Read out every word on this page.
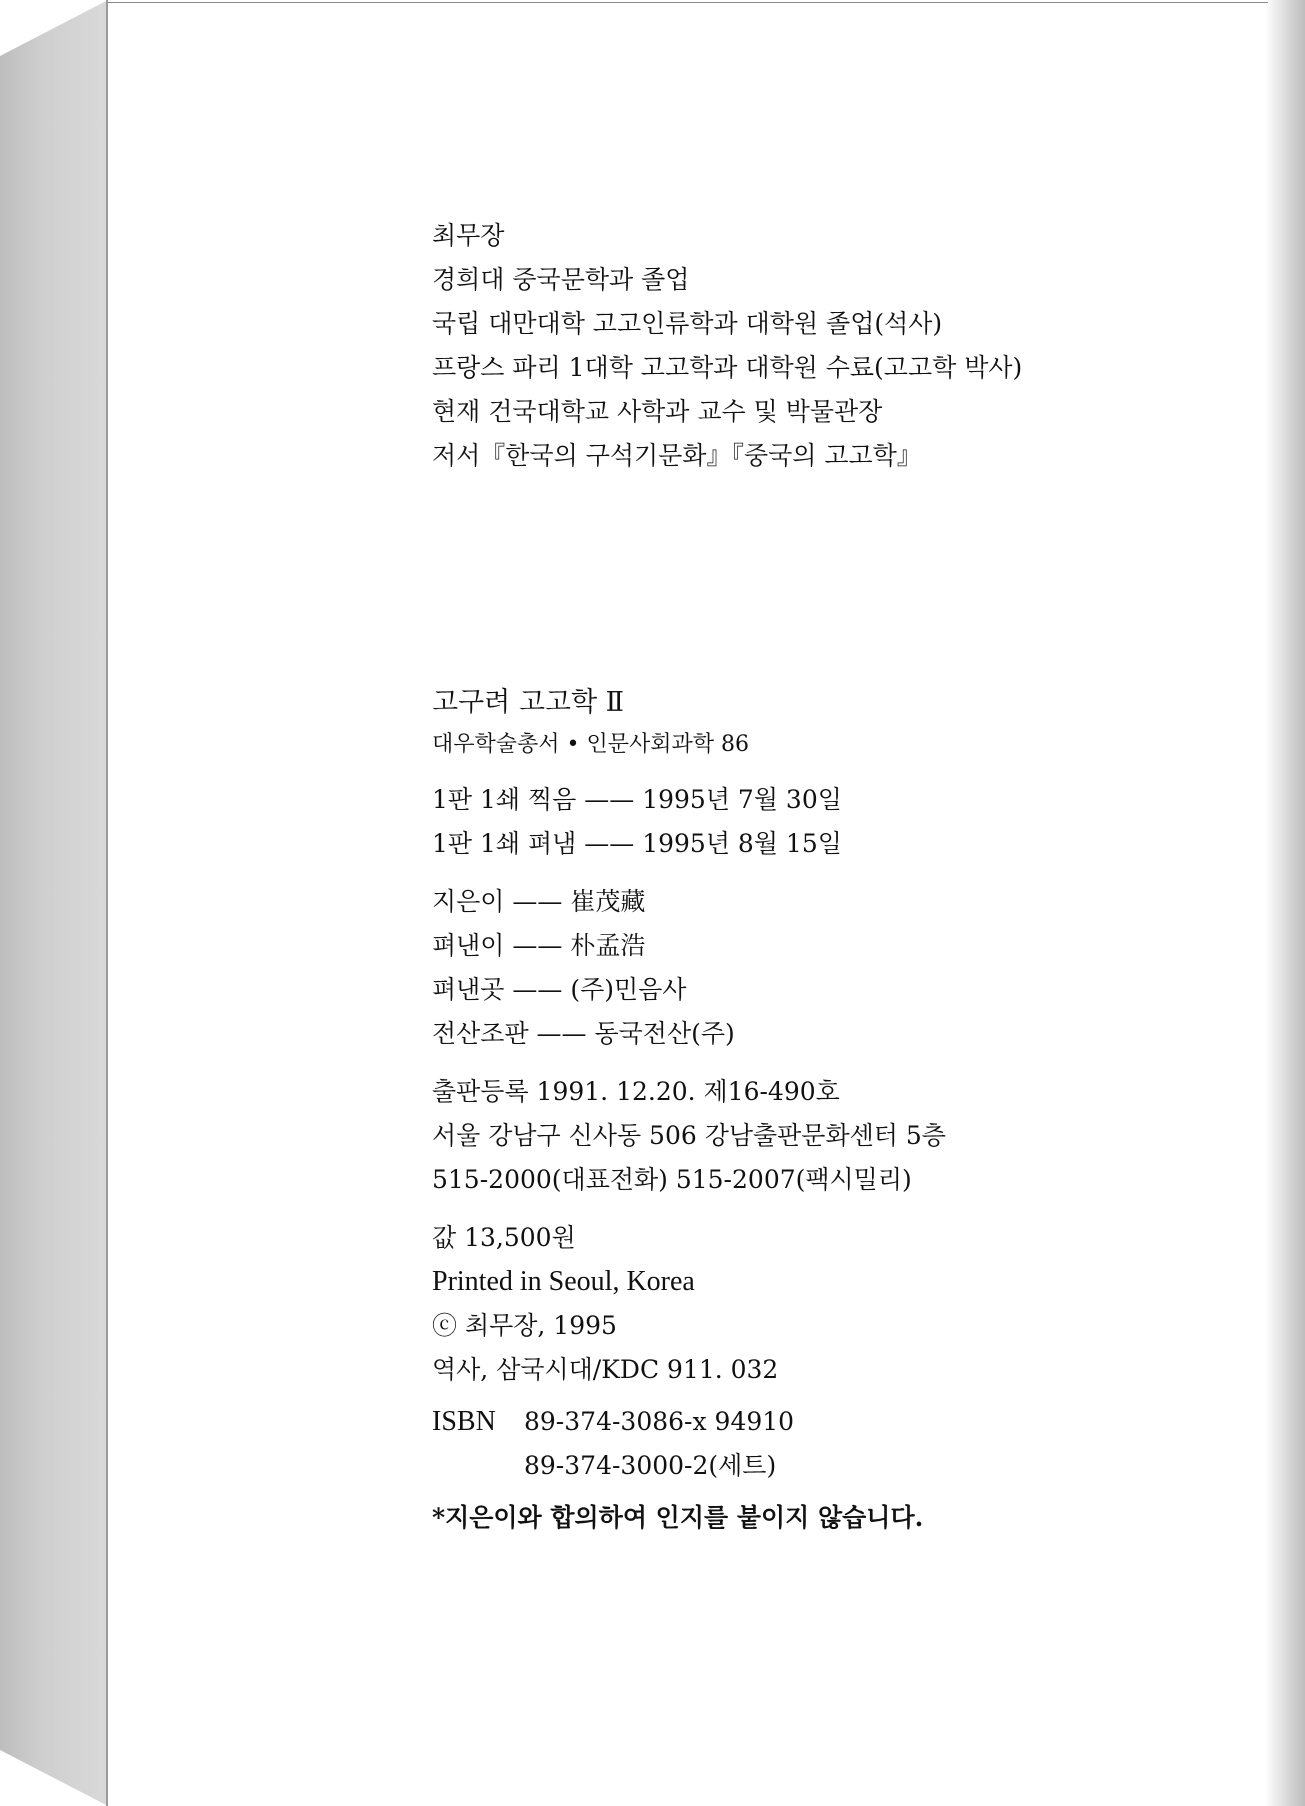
최무장
경희대 중국문학과 졸업
국립 대만대학 고고인류학과 대학원 졸업(석사)
프랑스 파리 1대학 고고학과 대학원 수료(고고학 박사)
현재 건국대학교 사학과 교수 및 박물관장
저서『한국의 구석기문화』『중국의 고고학』
고구려 고고학 Ⅱ
대우학술총서 • 인문사회과학 86
1판 1쇄 찍음 —— 1995년 7월 30일
1판 1쇄 펴냄 —— 1995년 8월 15일
지은이 —— 崔茂藏
펴낸이 —— 朴孟浩
펴낸곳 —— (주)민음사
전산조판 —— 동국전산(주)
출판등록 1991. 12.20. 제16-490호
서울 강남구 신사동 506 강남출판문화센터 5층
515-2000(대표전화) 515-2007(팩시밀리)
값 13,500원
Printed in Seoul, Korea
ⓒ 최무장, 1995
역사, 삼국시대/KDC 911. 032
ISBN	89-374-3086-x 94910
89-374-3000-2(세트)
*지은이와 합의하여 인지를 붙이지 않습니다.
